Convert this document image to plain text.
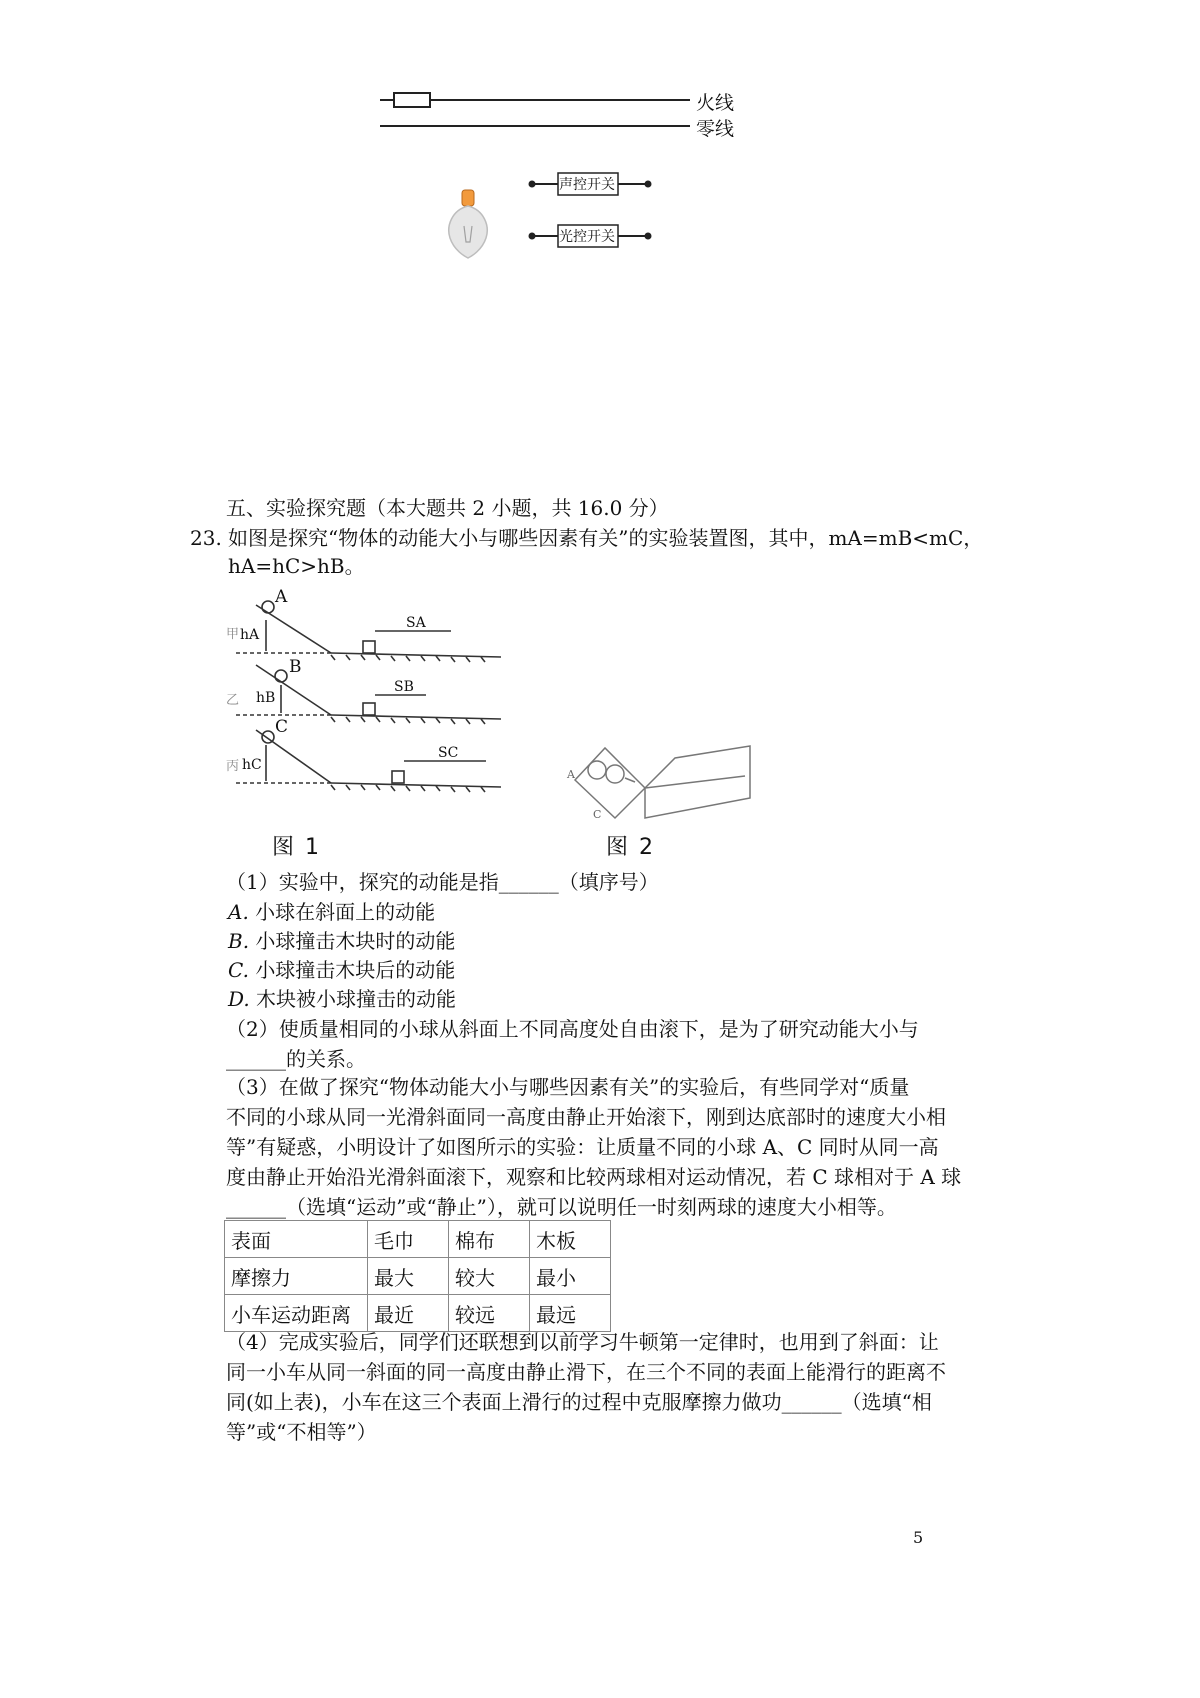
火线
零线
声控开关
光控开关
五、实验探究题（本大题共 2 小题，共 16.0 分）
23. 如图是探究“物体的动能大小与哪些因素有关”的实验装置图，其中，mA=mB<mC，
hA=hC>hB。
A
B
C
甲
乙
丙
hA
hB
hC
SA
SB
SC
图 1
A
C
图 2
（1）实验中，探究的动能是指______（填序号）
A. 小球在斜面上的动能
B. 小球撞击木块时的动能
C. 小球撞击木块后的动能
D. 木块被小球撞击的动能
（2）使质量相同的小球从斜面上不同高度处自由滚下，是为了研究动能大小与
______的关系。
（3）在做了探究“物体动能大小与哪些因素有关”的实验后，有些同学对“质量
不同的小球从同一光滑斜面同一高度由静止开始滚下，刚到达底部时的速度大小相
等”有疑惑，小明设计了如图所示的实验：让质量不同的小球 A、C 同时从同一高
度由静止开始沿光滑斜面滚下，观察和比较两球相对运动情况，若 C 球相对于 A 球
______（选填“运动”或“静止”），就可以说明任一时刻两球的速度大小相等。
表面	毛巾	棉布	木板
摩擦力	最大	较大	最小
小车运动距离	最近	较远	最远
（4）完成实验后，同学们还联想到以前学习牛顿第一定律时，也用到了斜面：让
同一小车从同一斜面的同一高度由静止滑下，在三个不同的表面上能滑行的距离不
同(如上表)，小车在这三个表面上滑行的过程中克服摩擦力做功______（选填“相
等”或“不相等”）
5
